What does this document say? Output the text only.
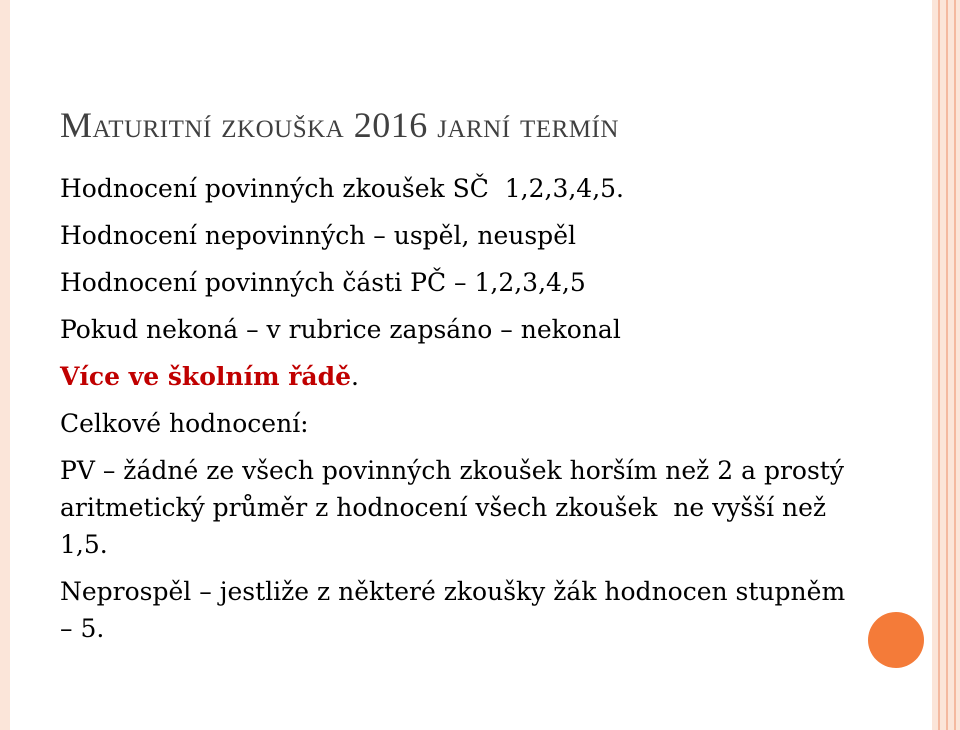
Maturitní zkouška 2016 jarní termín

Hodnocení povinných zkoušek SČ  1,2,3,4,5.

Hodnocení nepovinných – uspěl, neuspěl

Hodnocení povinných části PČ – 1,2,3,4,5

Pokud nekoná – v rubrice zapsáno – nekonal

Více ve školním řádě.

Celkové hodnocení:

PV – žádné ze všech povinných zkoušek horším než 2 a prostý aritmetický průměr z hodnocení všech zkoušek  ne vyšší než 1,5.

Neprospěl – jestliže z některé zkoušky žák hodnocen stupněm – 5.
